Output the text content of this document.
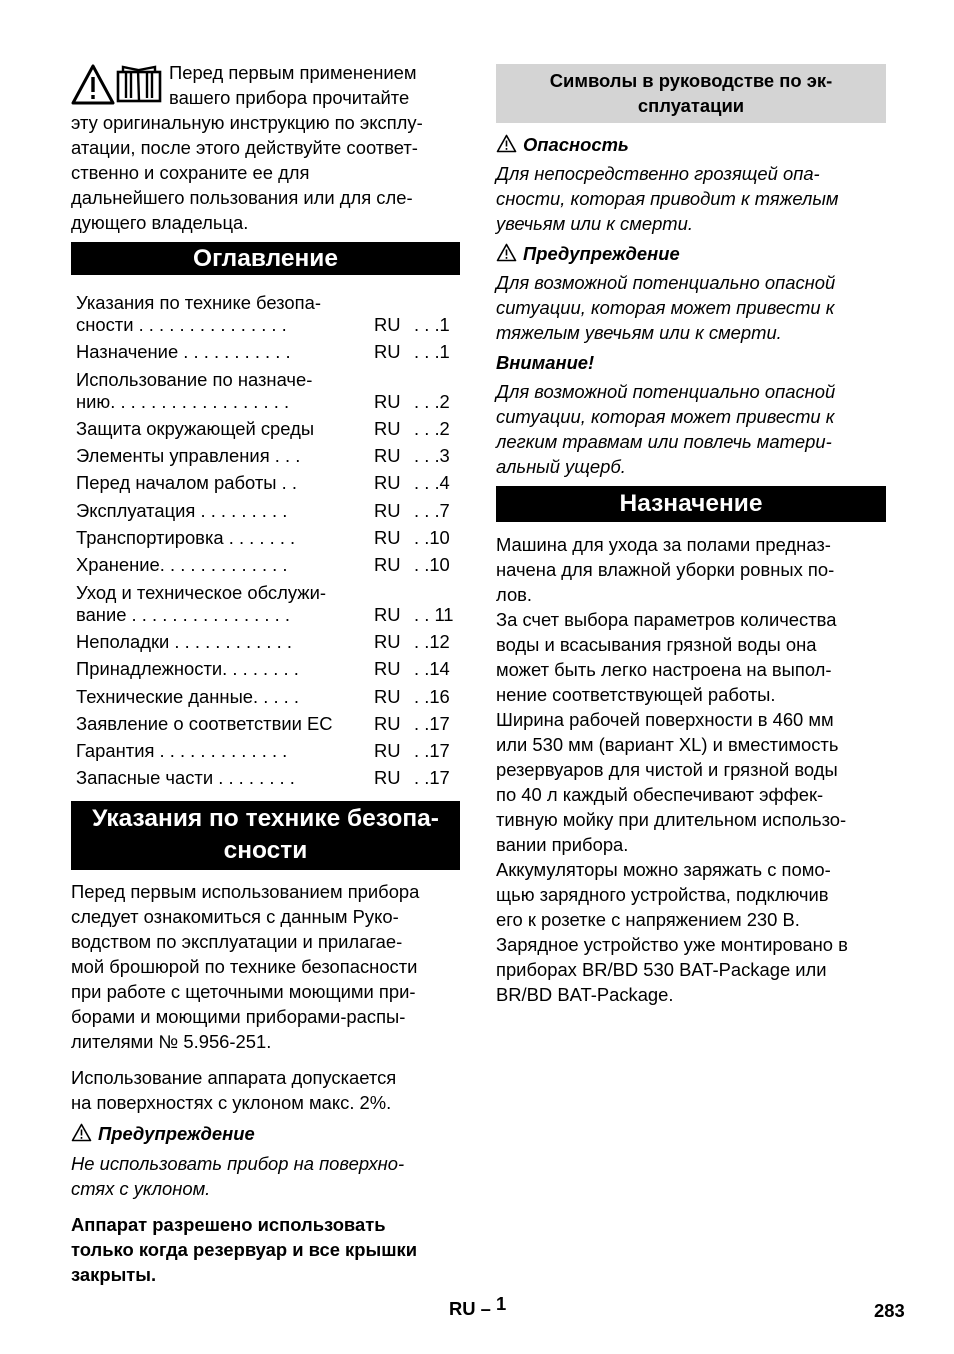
Перед первым применением
вашего прибора прочитайте
эту оригинальную инструкцию по эксплу-
атации, после этого действуйте соответ-
ственно и сохраните ее для
дальнейшего пользования или для сле-
дующего владельца.

Оглавление
Указания по технике безопа-
сности . . . . . . . . . . . . . . .	RU	. . .1

Назначение . . . . . . . . . . .	RU	. . .1

Использование по назначе-
нию. . . . . . . . . . . . . . . . . .	RU	. . .2

Защита окружающей среды	RU	. . .2

Элементы управления . . .	RU	. . .3

Перед началом работы . .	RU	. . .4

Эксплуатация . . . . . . . . .	RU	. . .7

Транспортировка . . . . . . .	RU	. .10

Хранение. . . . . . . . . . . . .	RU	. .10

Уход и техническое обслужи-
вание . . . . . . . . . . . . . . . .	RU	. . 11

Неполадки . . . . . . . . . . . .	RU	. .12

Принадлежности. . . . . . . .	RU	. .14

Технические данные. . . . .	RU	. .16

Заявление о соответствии ЕС	RU	. .17

Гарантия . . . . . . . . . . . . .	RU	. .17

Запасные части . . . . . . . .	RU	. .17
Указания по технике безопа-
сности

Перед первым использованием прибора
следует ознакомиться с данным Руко-
водством по эксплуатации и прилагае-
мой брошюрой по технике безопасности
при работе с щеточными моющими при-
борами и моющими приборами-распы-
лителями № 5.956-251.

Использование аппарата допускается
на поверхностях с уклоном макс. 2%.

Предупреждение

Не использовать прибор на поверхно-
стях с уклоном.

Аппарат разрешено использовать
только когда резервуар и все крышки
закрыты.

Символы в руководстве по эк-
сплуатации

Опасность

Для непосредственно грозящей опа-
сности, которая приводит к тяжелым
увечьям или к смерти.

Предупреждение

Для возможной потенциально опасной
ситуации, которая может привести к
тяжелым увечьям или к смерти.

Внимание!

Для возможной потенциально опасной
ситуации, которая может привести к
легким травмам или повлечь матери-
альный ущерб.

Назначение

Машина для ухода за полами предназ-
начена для влажной уборки ровных по-
лов.
За счет выбора параметров количества
воды и всасывания грязной воды она
может быть легко настроена на выпол-
нение соответствующей работы.
Ширина рабочей поверхности в 460 мм
или 530 мм (вариант XL) и вместимость
резервуаров для чистой и грязной воды
по 40 л каждый обеспечивают эффек-
тивную мойку при длительном использо-
вании прибора.
Аккумуляторы можно заряжать с помо-
щью зарядного устройства, подключив
его к розетке с напряжением 230 В.
Зарядное устройство уже монтировано в
приборах BR/BD 530 BAT-Package или
BR/BD BAT-Package.

RU – 1	283
